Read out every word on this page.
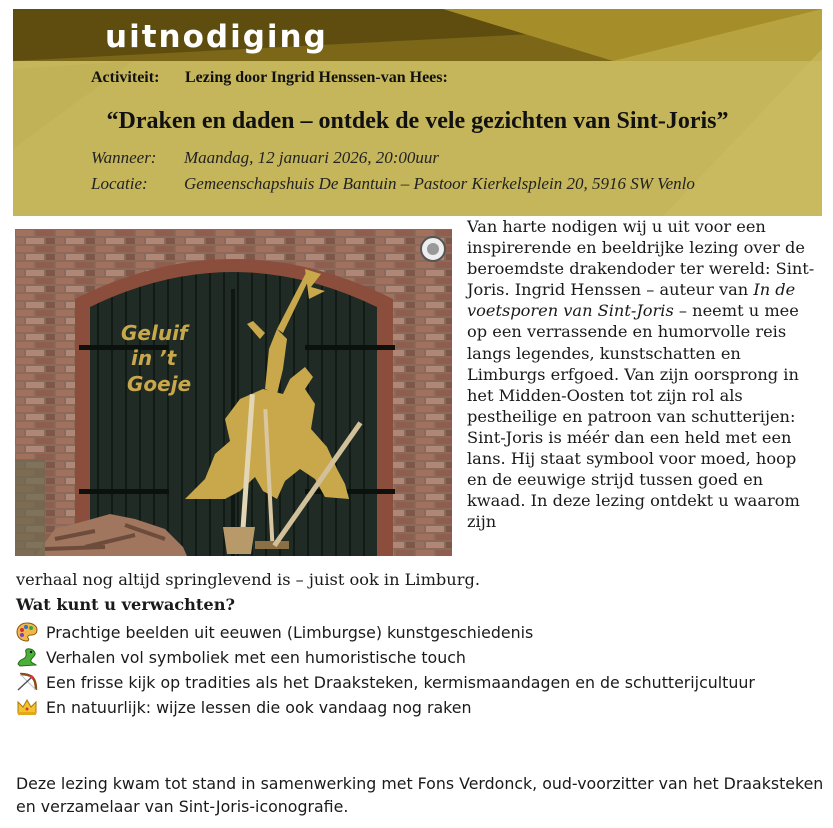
uitnodiging
Activiteit: Lezing door Ingrid Henssen-van Hees:
“Draken en daden – ontdek de vele gezichten van Sint-Joris”
Wanneer: Maandag, 12 januari 2026, 20:00uur
Locatie: Gemeenschapshuis De Bantuin – Pastoor Kierkelsplein 20, 5916 SW Venlo
Geluif
in ’t
Goeje

Van harte nodigen wij u uit voor een inspirerende en beeldrijke lezing over de beroemdste drakendoder ter wereld: Sint-Joris. Ingrid Henssen – auteur van In de voetsporen van Sint-Joris – neemt u mee op een verrassende en humorvolle reis langs legendes, kunstschatten en Limburgs erfgoed. Van zijn oorsprong in het Midden-Oosten tot zijn rol als pestheilige en patroon van schutterijen: Sint-Joris is méér dan een held met een lans. Hij staat symbool voor moed, hoop en de eeuwige strijd tussen goed en kwaad. In deze lezing ontdekt u waarom zijn

verhaal nog altijd springlevend is – juist ook in Limburg.

Wat kunt u verwachten?
Prachtige beelden uit eeuwen (Limburgse) kunstgeschiedenis
Verhalen vol symboliek met een humoristische touch
Een frisse kijk op tradities als het Draaksteken, kermismaandagen en de schutterijcultuur
En natuurlijk: wijze lessen die ook vandaag nog raken

Deze lezing kwam tot stand in samenwerking met Fons Verdonck, oud-voorzitter van het Draaksteken en verzamelaar van Sint-Joris-iconografie.
